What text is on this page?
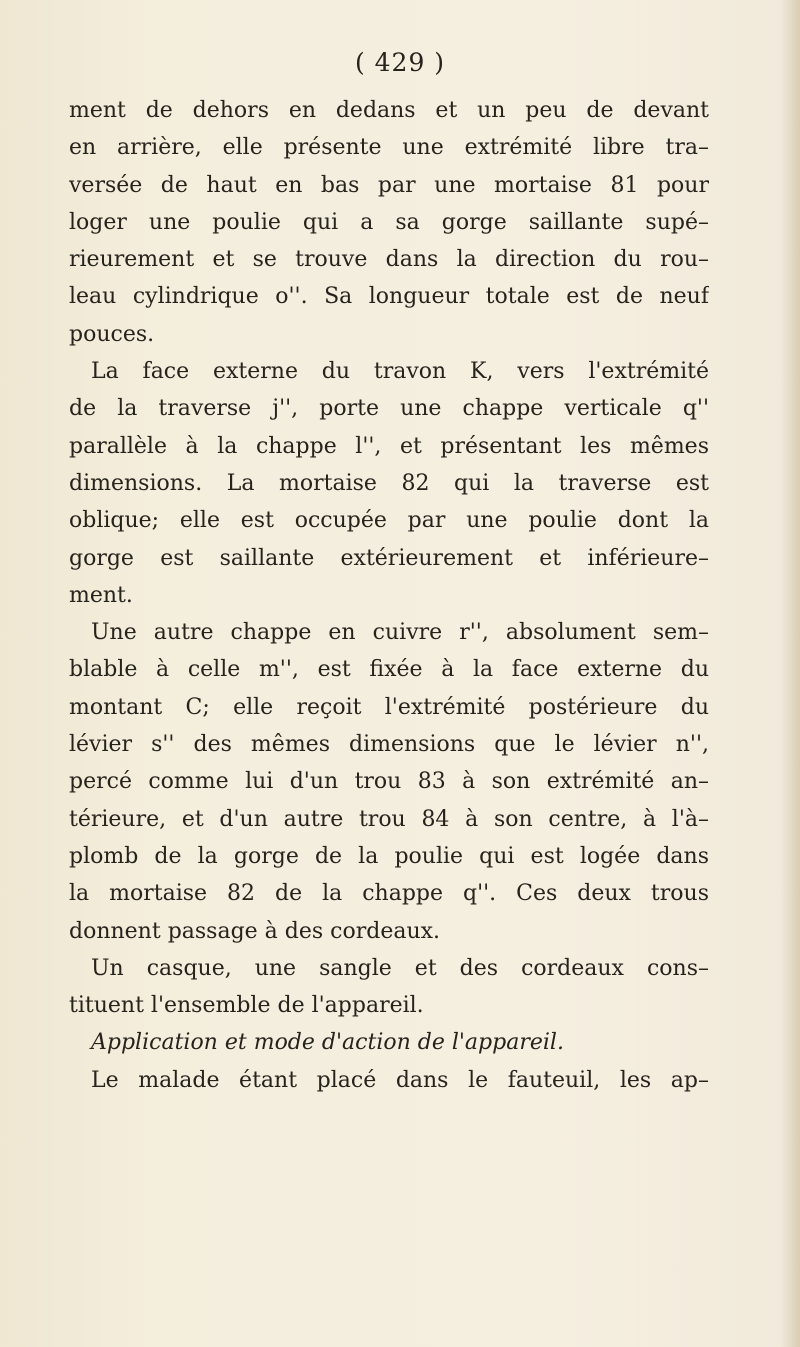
( 429 )
ment de dehors en dedans et un peu de devant
en arrière, elle présente une extrémité libre tra–
versée de haut en bas par une mortaise 81 pour
loger une poulie qui a sa gorge saillante supé–
rieurement et se trouve dans la direction du rou–
leau cylindrique o''. Sa longueur totale est de neuf
pouces.
La face externe du travon K, vers l'extrémité
de la traverse j'', porte une chappe verticale q''
parallèle à la chappe l'', et présentant les mêmes
dimensions. La mortaise 82 qui la traverse est
oblique; elle est occupée par une poulie dont la
gorge est saillante extérieurement et inférieure–
ment.
Une autre chappe en cuivre r'', absolument sem–
blable à celle m'', est fixée à la face externe du
montant C; elle reçoit l'extrémité postérieure du
lévier s'' des mêmes dimensions que le lévier n'',
percé comme lui d'un trou 83 à son extrémité an–
térieure, et d'un autre trou 84 à son centre, à l'à–
plomb de la gorge de la poulie qui est logée dans
la mortaise 82 de la chappe q''. Ces deux trous
donnent passage à des cordeaux.
Un casque, une sangle et des cordeaux cons–
tituent l'ensemble de l'appareil.
Application et mode d'action de l'appareil.
Le malade étant placé dans le fauteuil, les ap–
